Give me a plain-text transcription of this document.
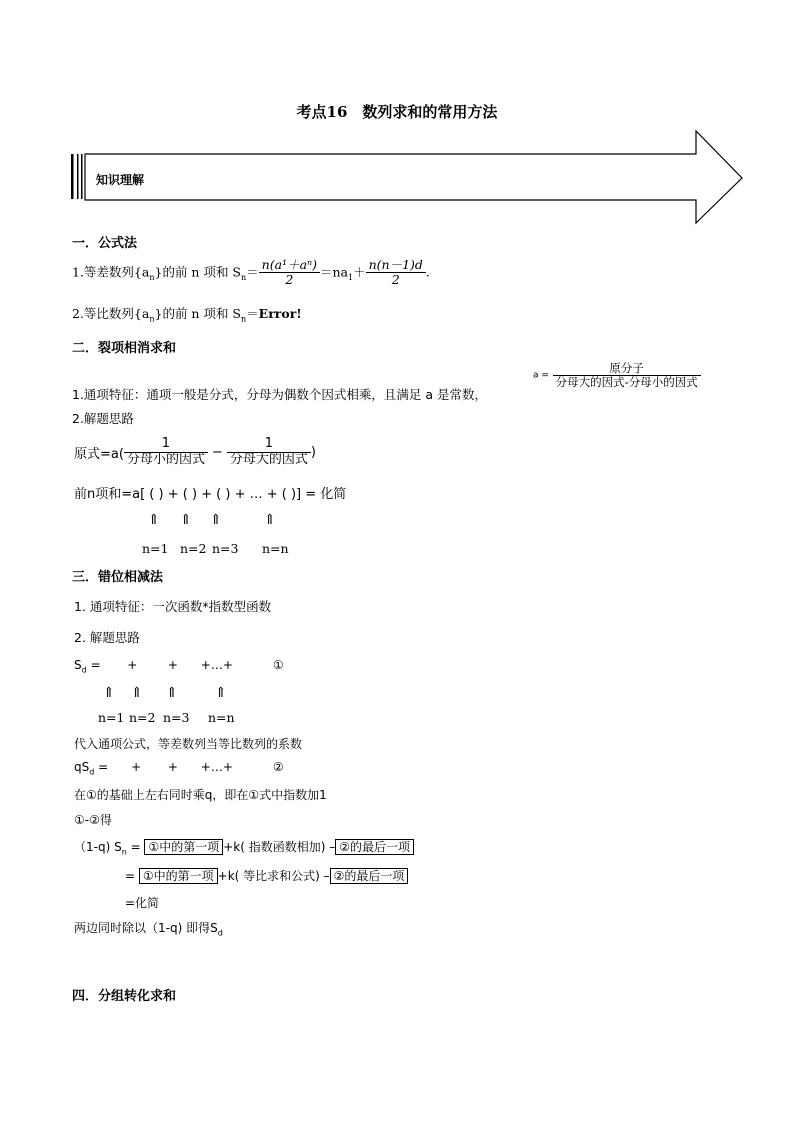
考点16　数列求和的常用方法
知识理解
一．公式法
1.等差数列$\{a_n\}$的前 n 项和 $S_n= \frac{\text{n(a¹＋aⁿ)}}{2} =na_1+ \frac{n(n-1)d}{2}$ .
2.等比数列$\{a_n\}$的前 n 项和 $S_n=Error$!
二．裂项相消求和
1.通项特征：通项一般是分式，分母为偶数个因式相乘，且满足 a 是常数，
$a = \frac{\text{原分子}}{\text{分母大的因式-分母小的因式}}$
2.解题思路
原式$=a( \frac{1}{\text{分母小的因式}} - \frac{1}{\text{分母大的因式}}$ )
前n项和=a[ ( ) + ( ) + ( ) + … + ( )] = 化简
⇑ ⇑ ⇑	⇑
n=1 n=2 n=3 n=n
三．错位相减法
1. 通项特征：一次函数*指数型函数
2. 解题思路
$S_d$ =       +        +      +…+	①
⇑ ⇑ ⇑	⇑
n=1 n=2 n=3 n=n
代入通项公式，等差数列当等比数列的系数
$qS_d$ =      +       +      +…+	②
在①的基础上左右同时乘q，即在①式中指数加1
①-②得
（1-q) $S_n$ = ①中的第一项 +k( 指数函数相加) – ②的最后一项
= ①中的第一项 +k( 等比求和公式) – ②的最后一项
=化简
两边同时除以（1-q) 即得$S_d$
四．分组转化求和
